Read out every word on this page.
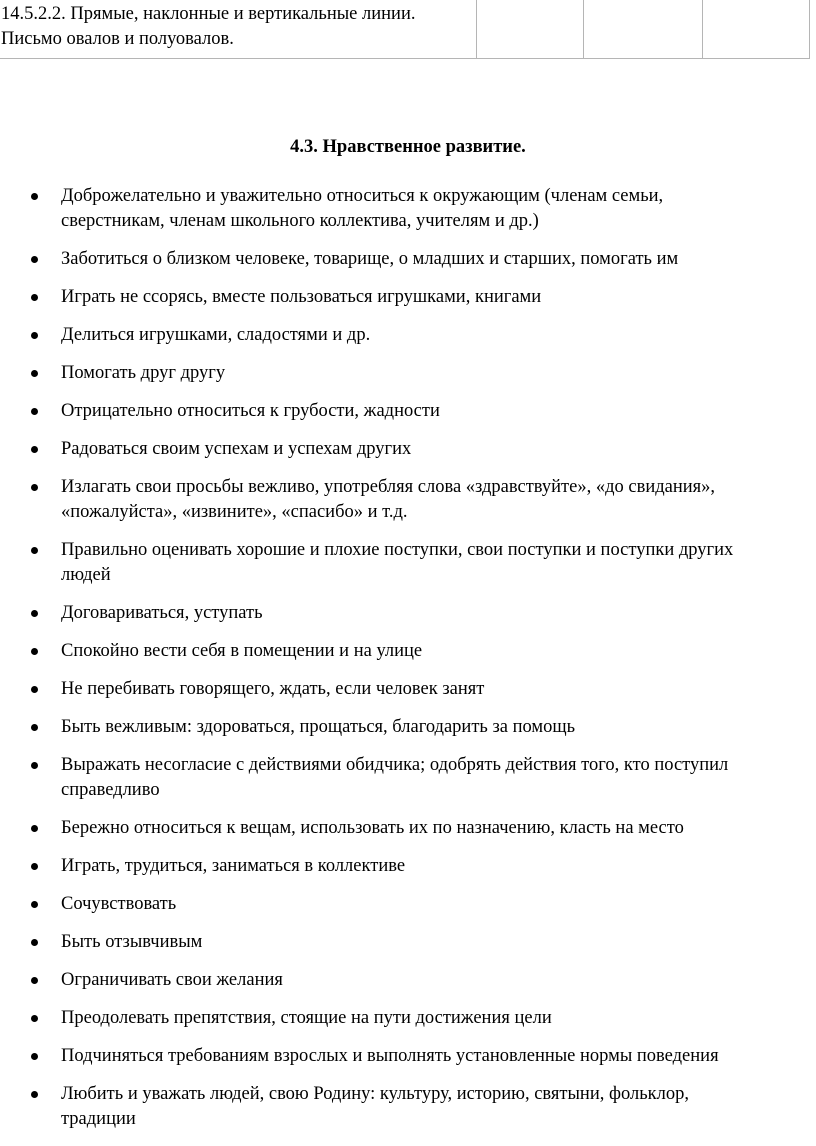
14.5.2.2. Прямые, наклонные и вертикальные линии.
Письмо овалов и полуовалов.

4.3. Нравственное развитие.
Доброжелательно и уважительно относиться к окружающим (членам семьи,
сверстникам, членам школьного коллектива, учителям и др.)
Заботиться о близком человеке, товарище, о младших и старших, помогать им
Играть не ссорясь, вместе пользоваться игрушками, книгами
Делиться игрушками, сладостями и др.
Помогать друг другу
Отрицательно относиться к грубости, жадности
Радоваться своим успехам и успехам других
Излагать свои просьбы вежливо, употребляя слова «здравствуйте», «до свидания»,
«пожалуйста», «извините», «спасибо» и т.д.
Правильно оценивать хорошие и плохие поступки, свои поступки и поступки других
людей
Договариваться, уступать
Спокойно вести себя в помещении и на улице
Не перебивать говорящего, ждать, если человек занят
Быть вежливым: здороваться, прощаться, благодарить за помощь
Выражать несогласие с действиями обидчика; одобрять действия того, кто поступил
справедливо
Бережно относиться к вещам, использовать их по назначению, класть на место
Играть, трудиться, заниматься в коллективе
Сочувствовать
Быть отзывчивым
Ограничивать свои желания
Преодолевать препятствия, стоящие на пути достижения цели
Подчиняться требованиям взрослых и выполнять установленные нормы поведения
Любить и уважать людей, свою Родину: культуру, историю, святыни, фольклор,
традиции
